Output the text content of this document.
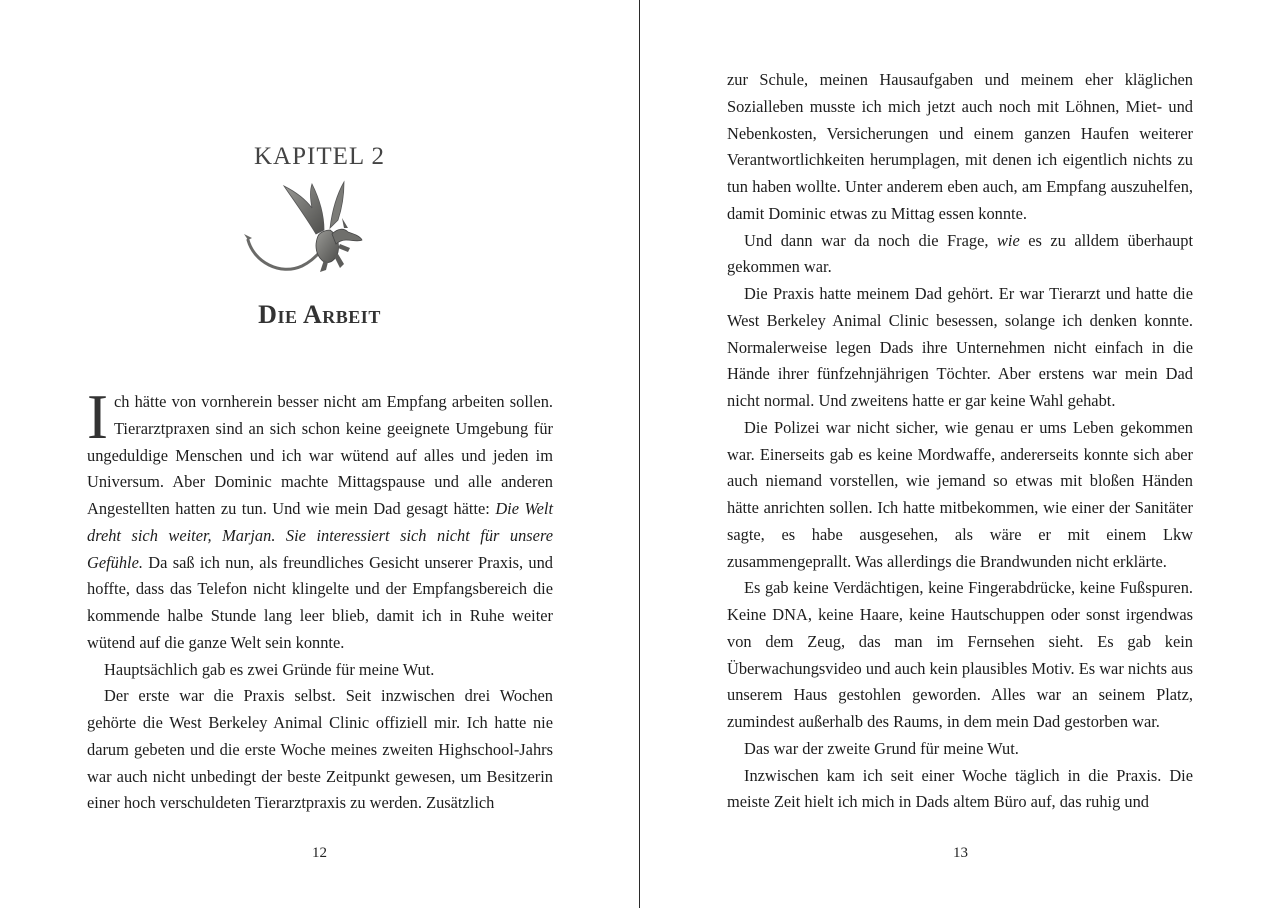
KAPITEL 2
Die Arbeit

Ich hätte von vornherein besser nicht am Empfang arbeiten sollen. Tierarztpraxen sind an sich schon keine geeignete Umgebung für ungeduldige Menschen und ich war wütend auf alles und jeden im Universum. Aber Dominic machte Mittagspause und alle anderen Angestellten hatten zu tun. Und wie mein Dad gesagt hätte: Die Welt dreht sich weiter, Marjan. Sie interessiert sich nicht für unsere Gefühle. Da saß ich nun, als freundliches Gesicht unserer Praxis, und hoffte, dass das Telefon nicht klingelte und der Empfangsbereich die kommende halbe Stunde lang leer blieb, damit ich in Ruhe weiter wütend auf die ganze Welt sein konnte.

Hauptsächlich gab es zwei Gründe für meine Wut.

Der erste war die Praxis selbst. Seit inzwischen drei Wochen gehörte die West Berkeley Animal Clinic offiziell mir. Ich hatte nie darum gebeten und die erste Woche meines zweiten Highschool-Jahrs war auch nicht unbedingt der beste Zeitpunkt gewesen, um Besitzerin einer hoch verschuldeten Tierarztpraxis zu werden. Zusätzlich

12

zur Schule, meinen Hausaufgaben und meinem eher kläglichen Sozialleben musste ich mich jetzt auch noch mit Löhnen, Miet- und Nebenkosten, Versicherungen und einem ganzen Haufen weiterer Verantwortlichkeiten herumplagen, mit denen ich eigentlich nichts zu tun haben wollte. Unter anderem eben auch, am Empfang auszuhelfen, damit Dominic etwas zu Mittag essen konnte.

Und dann war da noch die Frage, wie es zu alldem überhaupt gekommen war.

Die Praxis hatte meinem Dad gehört. Er war Tierarzt und hatte die West Berkeley Animal Clinic besessen, solange ich denken konnte. Normalerweise legen Dads ihre Unternehmen nicht einfach in die Hände ihrer fünfzehnjährigen Töchter. Aber erstens war mein Dad nicht normal. Und zweitens hatte er gar keine Wahl gehabt.

Die Polizei war nicht sicher, wie genau er ums Leben gekommen war. Einerseits gab es keine Mordwaffe, andererseits konnte sich aber auch niemand vorstellen, wie jemand so etwas mit bloßen Händen hätte anrichten sollen. Ich hatte mitbekommen, wie einer der Sanitäter sagte, es habe ausgesehen, als wäre er mit einem Lkw zusammengeprallt. Was allerdings die Brandwunden nicht erklärte.

Es gab keine Verdächtigen, keine Fingerabdrücke, keine Fußspuren. Keine DNA, keine Haare, keine Hautschuppen oder sonst irgendwas von dem Zeug, das man im Fernsehen sieht. Es gab kein Überwachungsvideo und auch kein plausibles Motiv. Es war nichts aus unserem Haus gestohlen geworden. Alles war an seinem Platz, zumindest außerhalb des Raums, in dem mein Dad gestorben war.

Das war der zweite Grund für meine Wut.

Inzwischen kam ich seit einer Woche täglich in die Praxis. Die meiste Zeit hielt ich mich in Dads altem Büro auf, das ruhig und

13
